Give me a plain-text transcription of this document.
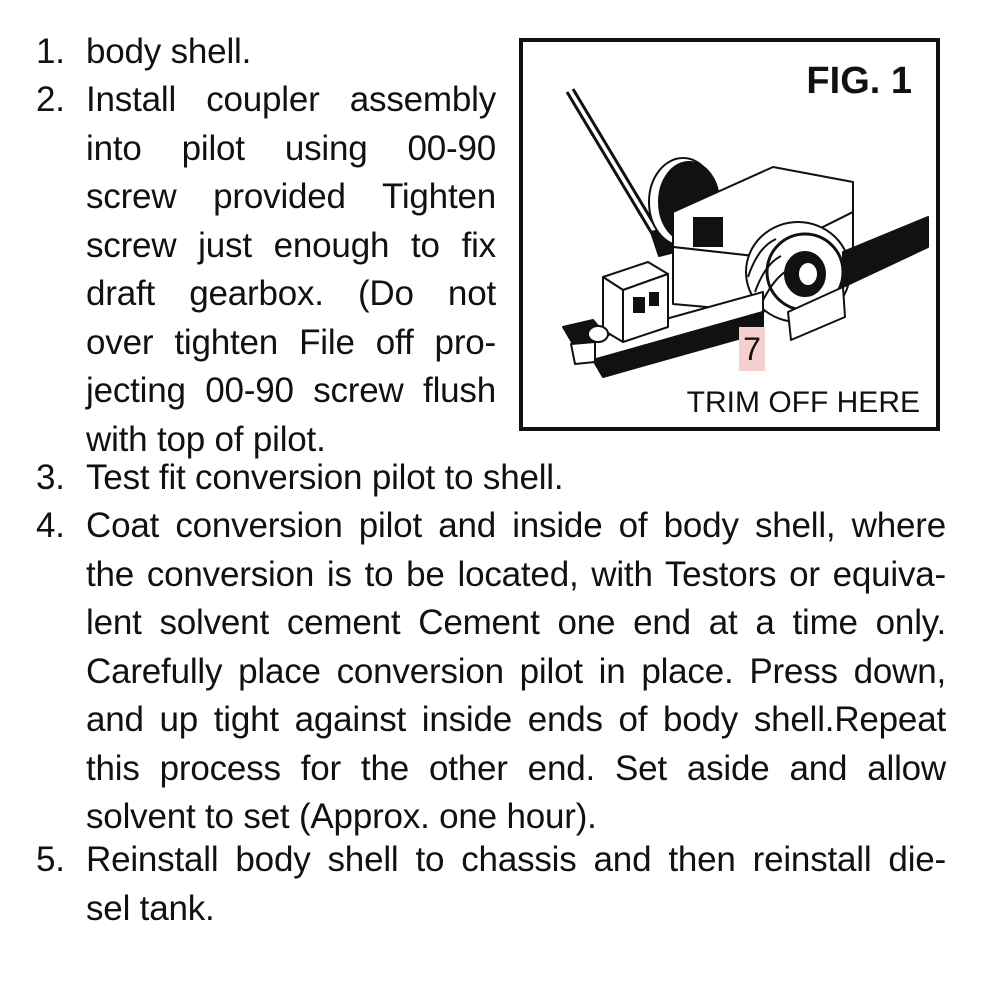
1. body shell.
2. Install coupler assembly
into pilot using 00-90
screw provided Tighten
screw just enough to fix
draft gearbox. (Do not
over tighten File off pro-
jecting 00-90 screw flush
with top of pilot.
FIG. 1
7
TRIM OFF HERE
3. Test fit conversion pilot to shell.
4. Coat conversion pilot and inside of body shell, where
the conversion is to be located, with Testors or equiva-
lent solvent cement Cement one end at a time only.
Carefully place conversion pilot in place. Press down,
and up tight against inside ends of body shell.Repeat
this process for the other end. Set aside and allow
solvent to set (Approx. one hour).
5. Reinstall body shell to chassis and then reinstall die-
sel tank.
